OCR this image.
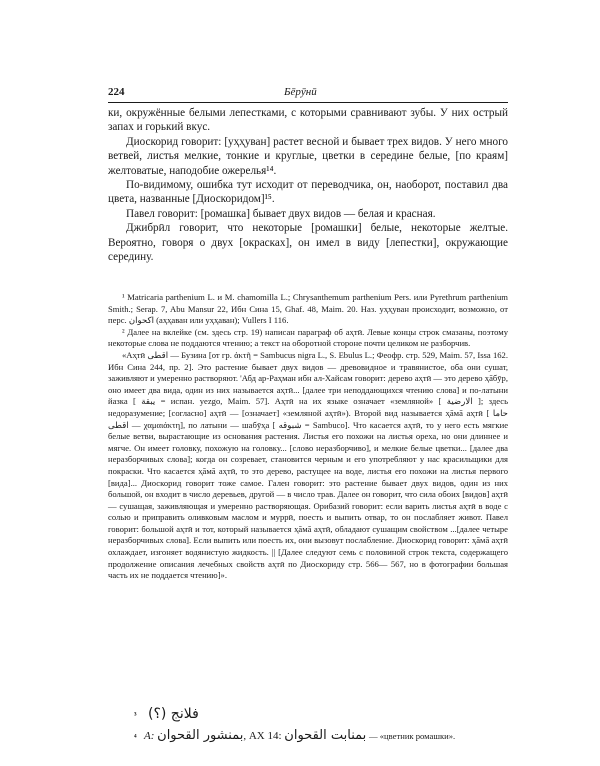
224	Бēрӯнӣ

ки, окружённые белыми лепестками, с которыми сравнивают зубы. У них острый запах и горький вкус.

Диоскорид говорит: [уҳҳуван] растет весной и бывает трех видов. У него много ветвей, листья мелкие, тонкие и круглые, цветки в середине белые, [по краям] желтоватые, наподобие ожерелья¹⁴.

По-видимому, ошибка тут исходит от переводчика, он, наоборот, поставил два цвета, названные [Диоскоридом]¹⁵.

Павел говорит: [ромашка] бывает двух видов — белая и красная.

Джибрӣл говорит, что некоторые [ромашки] белые, некоторые желтые. Вероятно, говоря о двух [окрасках], он имел в виду [лепестки], окружающие середину.

¹ Matricaria parthenium L. и M. chamomilla L.; Chrysanthemum parthenium Pers. или Pyrethrum parthenium Smith.; Serap. 7, Abu Mansur 22, Ибн Сина 15, Ghaf. 48, Maim. 20. Наз. уҳҳуван происходит, возможно, от перс. اكحوان (аҳҳаван или уҳҳаван); Vullers I 116.

² Далее на вклейке (см. здесь стр. 19) написан параграф об аҳтӣ. Левые концы строк смазаны, поэтому некоторые слова не поддаются чтению; а текст на оборотной стороне почти целиком не разборчив.

«Аҳтӣ اقطى — Бузина [от гр. ἀκτῆ = Sambucus nigra L., S. Ebulus L.; Феофр. стр. 529, Maim. 57, Issa 162. Ибн Сина 244, пр. 2]. Это растение бывает двух видов — древовидное и травянистое, оба они сушат, заживляют и умеренно растворяют. 'Абд ар-Раҳман ибн ал-Хайсам говорит: дерево аҳтӣ — это дерево ҳāбӯр, оно имеет два вида, один из них называется аҳтӣ... [далее три неподдающихся чтению слова] и по-латыни йазка [ يبقة = испан. yezgo, Maim. 57]. Аҳтӣ на их языке означает «земляной» [ الارضية ]; здесь недоразумение; [согласно] аҳтӣ — [означает] «земляной аҳтӣ»). Второй вид называется ҳāмā аҳтӣ [ حاما اقطى — χαμαιάκτη], по латыни — шабӯҳа [ شبوقه = Sambuco]. Что касается аҳтӣ, то у него есть мягкие белые ветви, вырастающие из основания растения. Листья его похожи на листья ореха, но они длиннее и мягче. Он имеет головку, похожую на головку... [слово неразборчиво], и мелкие белые цветки... [далее два неразборчивых слова]; когда он созревает, становится черным и его употребляют у нас красильщики для покраски. Что касается ҳāмā аҳтӣ, то это дерево, растущее на воде, листья его похожи на листья первого [вида]... Диоскорид говорит тоже самое. Гален говорит: это растение бывает двух видов, один из них большой, он входит в число деревьев, другой — в число трав. Далее он говорит, что сила обоих [видов] аҳтӣ — сушащая, заживляющая и умеренно растворяющая. Орибазий говорит: если варить листья аҳтӣ в воде с солью и приправить оливковым маслом и муррӣ, поесть и выпить отвар, то он послабляет живот. Павел говорит: большой аҳтӣ и тот, который называется ҳāмā аҳтӣ, обладают сушащим свойством ...[далее четыре неразборчивых слова]. Если выпить или поесть их, они вызовут послабление. Диоскорид говорит: ҳāмā аҳтӣ охлаждает, изгоняет водянистую жидкость. || [Далее следуют семь с половиной строк текста, содержащего продолжение описания лечебных свойств аҳтӣ по Диоскориду стр. 566— 567, но в фотографии большая часть их не поддается чтению]».

³ فلانج (؟)
⁴ A: بمنشور القحوان, AX 14: بمنابت القحوان — «цветник ромашки».
